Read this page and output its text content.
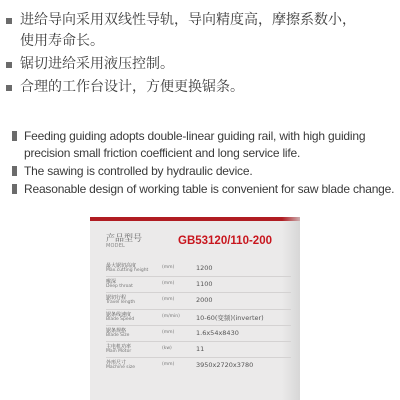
进给导向采用双线性导轨，导向精度高，摩擦系数小，
使用寿命长。
锯切进给采用液压控制。
合理的工作台设计，方便更换锯条。
Feeding guiding adopts double-linear guiding rail, with high guiding
precision small friction coefficient and long service life.
The sawing is controlled by hydraulic device.
Reasonable design of working table is convenient for saw blade change.
产品型号
MODEL	GB53120/110-200
最大锯切高度
Max.cutting height
(mm)	1200
喉深
Deep throat
(mm)	1100
锯切行程
Travel length
(mm)	2000
锯条线速度
Blade Speed
(m/min) 10-60(变频)(inverter)
锯条规格
Blade Size
(mm)	1.6x54x8430
主电机功率
Main Motor
(kw)	11
外形尺寸
Machine size
(mm)	3950x2720x3780
